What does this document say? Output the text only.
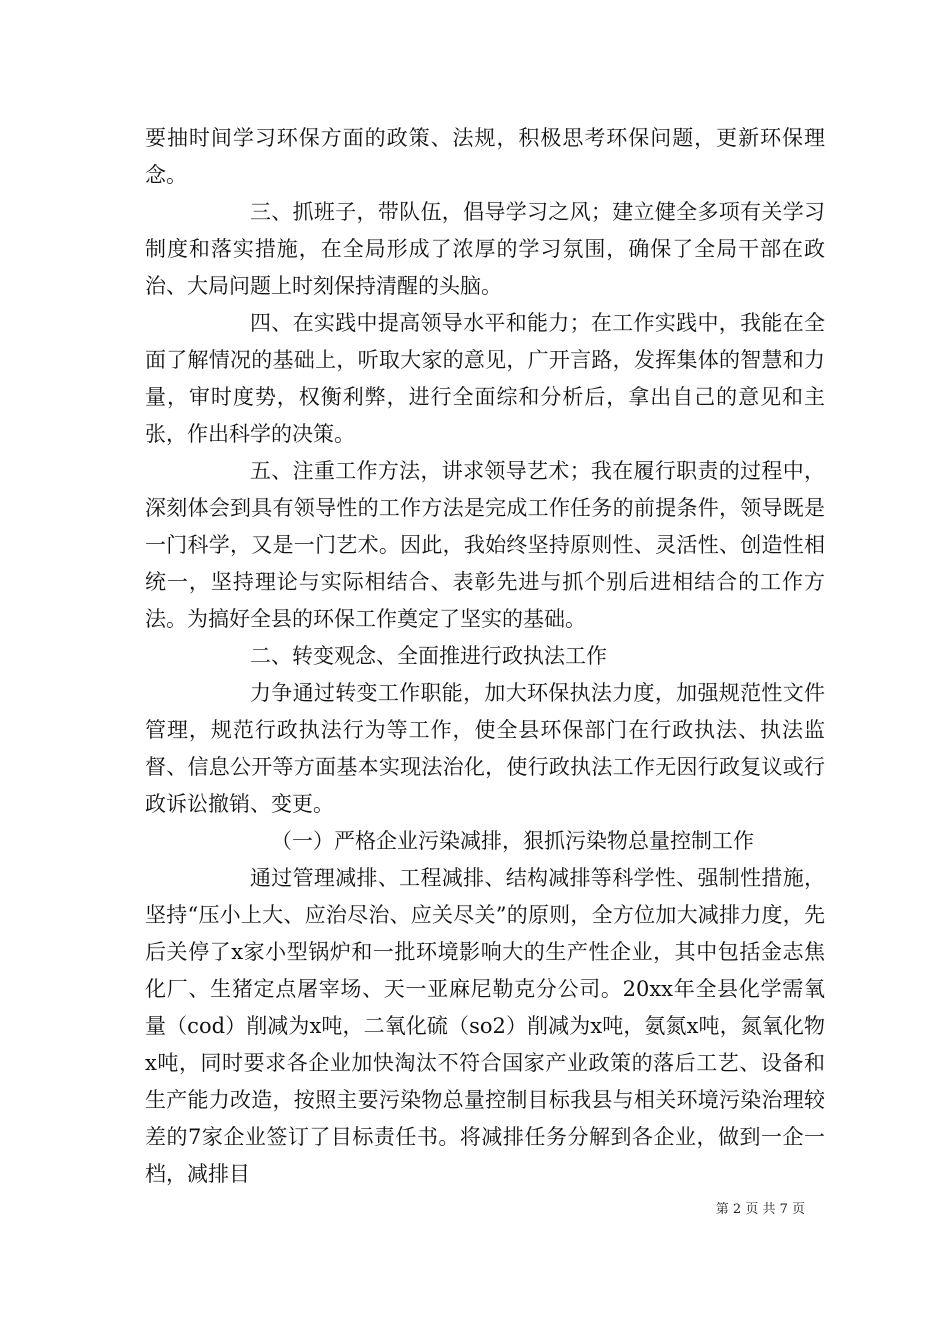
要抽时间学习环保方面的政策、法规，积极思考环保问题，更新环保理念。

三、抓班子，带队伍，倡导学习之风；建立健全多项有关学习制度和落实措施，在全局形成了浓厚的学习氛围，确保了全局干部在政治、大局问题上时刻保持清醒的头脑。

四、在实践中提高领导水平和能力；在工作实践中，我能在全面了解情况的基础上，听取大家的意见，广开言路，发挥集体的智慧和力量，审时度势，权衡利弊，进行全面综和分析后，拿出自己的意见和主张，作出科学的决策。

五、注重工作方法，讲求领导艺术；我在履行职责的过程中，深刻体会到具有领导性的工作方法是完成工作任务的前提条件，领导既是一门科学，又是一门艺术。因此，我始终坚持原则性、灵活性、创造性相统一，坚持理论与实际相结合、表彰先进与抓个别后进相结合的工作方法。为搞好全县的环保工作奠定了坚实的基础。

二、转变观念、全面推进行政执法工作

力争通过转变工作职能，加大环保执法力度，加强规范性文件管理，规范行政执法行为等工作，使全县环保部门在行政执法、执法监督、信息公开等方面基本实现法治化，使行政执法工作无因行政复议或行政诉讼撤销、变更。

（一）严格企业污染减排，狠抓污染物总量控制工作

通过管理减排、工程减排、结构减排等科学性、强制性措施，坚持“压小上大、应治尽治、应关尽关”的原则，全方位加大减排力度，先后关停了x家小型锅炉和一批环境影响大的生产性企业，其中包括金志焦化厂、生猪定点屠宰场、天一亚麻尼勒克分公司。20xx年全县化学需氧量（cod）削减为x吨，二氧化硫（so2）削减为x吨，氨氮x吨，氮氧化物x吨，同时要求各企业加快淘汰不符合国家产业政策的落后工艺、设备和生产能力改造，按照主要污染物总量控制目标我县与相关环境污染治理较差的7家企业签订了目标责任书。将减排任务分解到各企业，做到一企一档，减排目

第 2 页 共 7 页
